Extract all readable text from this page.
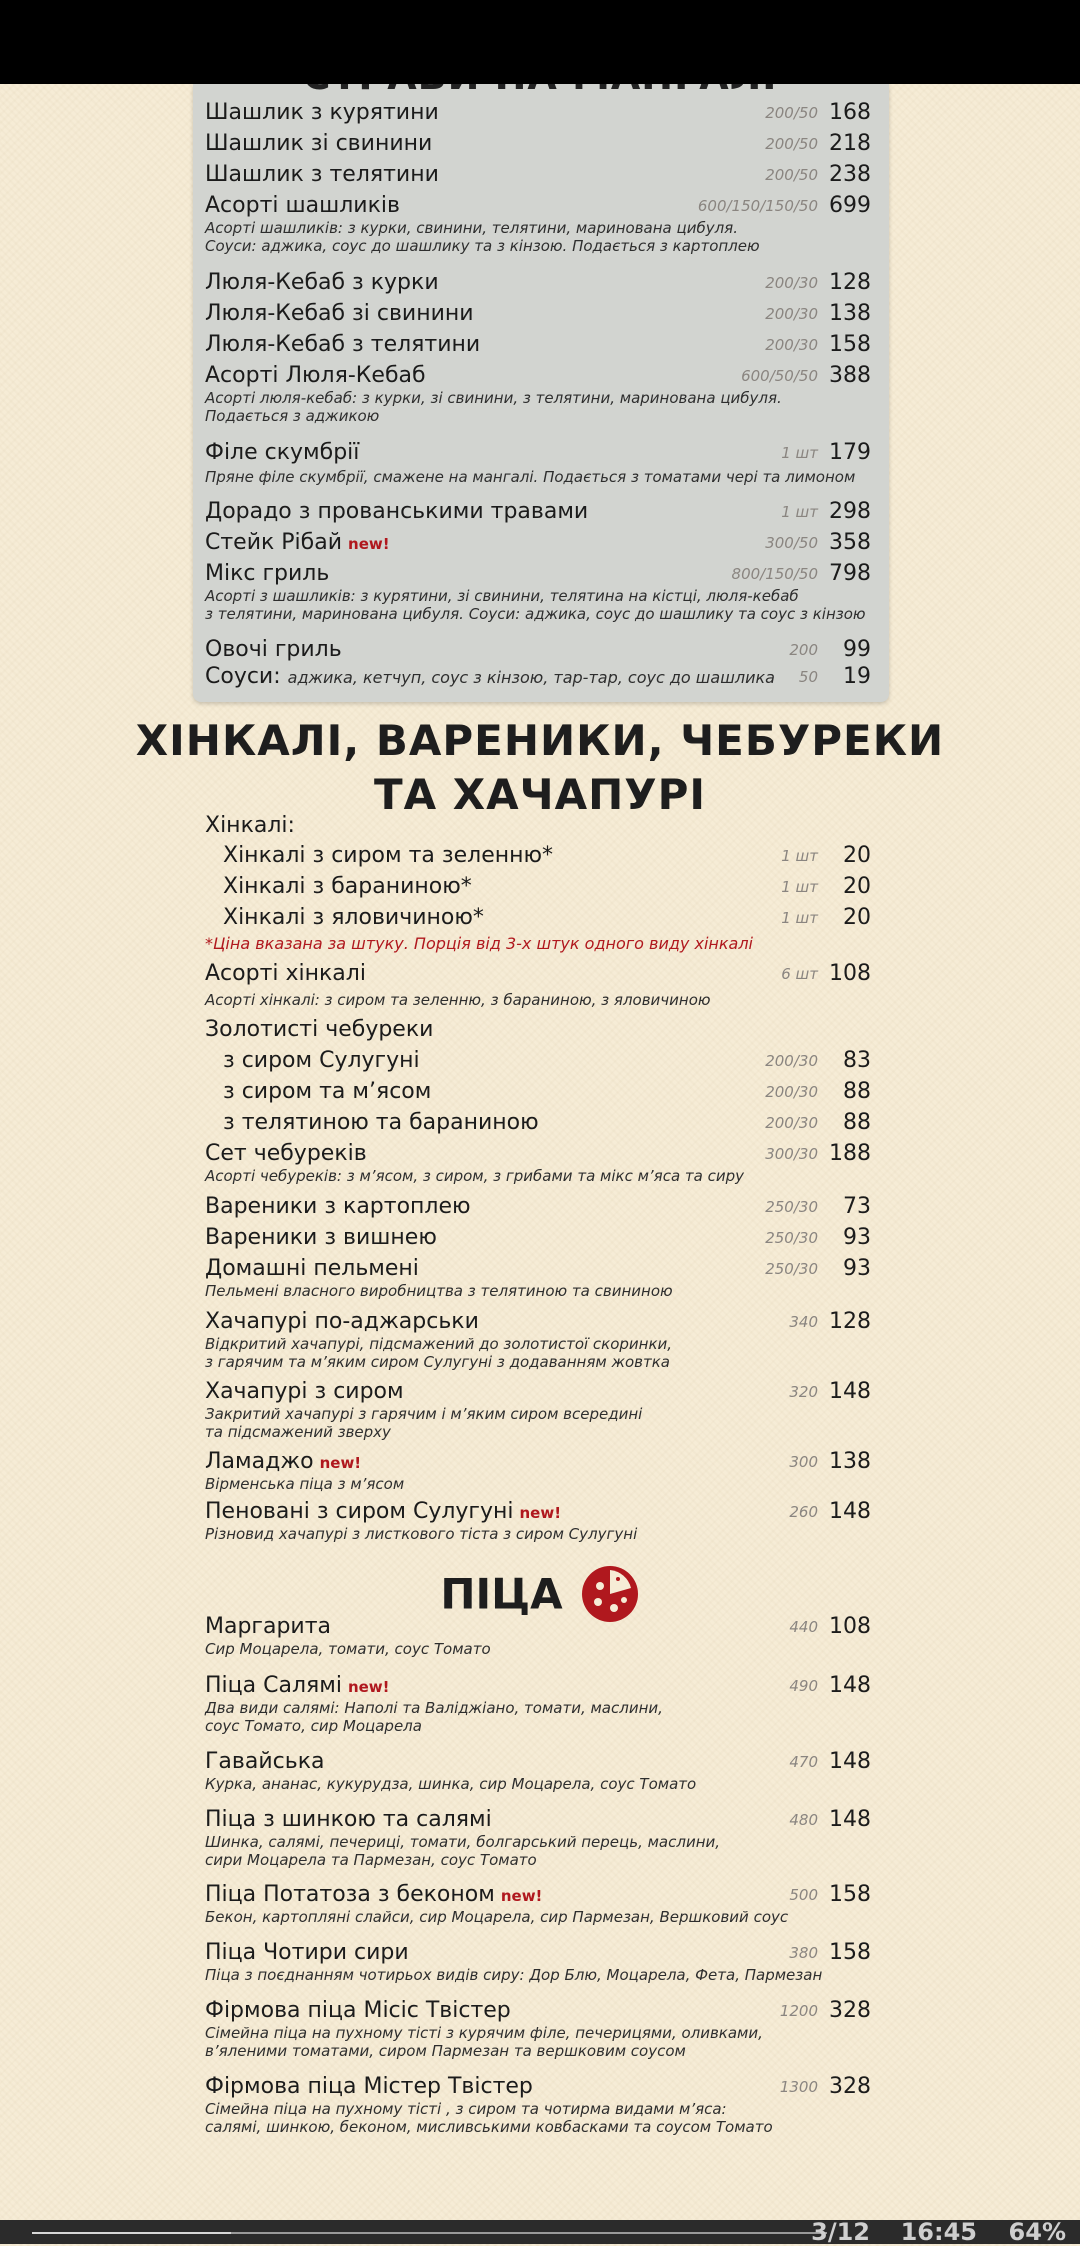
Шашлик з курятини	200/50 168
Шашлик зі свинини	200/50 218
Шашлик з телятини	200/50 238
Асорті шашликів	600/150/150/50 699
Асорті шашликів: з курки, свинини, телятини, маринована цибуля.
Соуси: аджика, соус до шашлику та з кінзою. Подається з картоплею
Люля-Кебаб з курки	200/30 128
Люля-Кебаб зі свинини	200/30 138
Люля-Кебаб з телятини	200/30 158
Асорті Люля-Кебаб	600/50/50 388
Асорті люля-кебаб: з курки, зі свинини, з телятини, маринована цибуля.
Подається з аджикою
Філе скумбрії	1 шт 179
Пряне філе скумбрії, смажене на мангалі. Подається з томатами чері та лимоном
Дорадо з прованськими травами	1 шт 298
Стейк Рібай new!	300/50 358
Мікс гриль	800/150/50 798
Асорті з шашликів: з курятини, зі свинини, телятина на кістці, люля-кебаб
з телятини, маринована цибуля. Соуси: аджика, соус до шашлику та соус з кінзою
Овочі гриль	200 99
Соуси: аджика, кетчуп, соус з кінзою, тар-тар, соус до шашлика 50 19
ХІНКАЛІ, ВАРЕНИКИ, ЧЕБУРЕКИ
ТА ХАЧАПУРІ
Хінкалі:
Хінкалі з сиром та зеленню*	1 шт 20
Хінкалі з бараниною*	1 шт 20
Хінкалі з яловичиною*	1 шт 20
*Ціна вказана за штуку. Порція від 3-х штук одного виду хінкалі
Асорті хінкалі	6 шт 108
Асорті хінкалі: з сиром та зеленню, з бараниною, з яловичиною
Золотисті чебуреки
з сиром Сулугуні	200/30 83
з сиром та м’ясом	200/30 88
з телятиною та бараниною	200/30 88
Сет чебуреків	300/30 188
Асорті чебуреків: з м’ясом, з сиром, з грибами та мікс м’яса та сиру
Вареники з картоплею	250/30 73
Вареники з вишнею	250/30 93
Домашні пельмені	250/30 93
Пельмені власного виробництва з телятиною та свининою
Хачапурі по-аджарськи	340 128
Відкритий хачапурі, підсмажений до золотистої скоринки,
з гарячим та м’яким сиром Сулугуні з додаванням жовтка
Хачапурі з сиром	320 148
Закритий хачапурі з гарячим і м’яким сиром всередині
та підсмажений зверху
Ламаджо new!	300 138
Вірменська піца з м’ясом
Пеновані з сиром Сулугуні new!	260 148
Різновид хачапурі з листкового тіста з сиром Сулугуні
ПІЦА
Маргарита	440 108
Сир Моцарела, томати, соус Томато
Піца Салямі new!	490 148
Два види салямі: Наполі та Валіджіано, томати, маслини,
соус Томато, сир Моцарела
Гавайська	470 148
Курка, ананас, кукурудза, шинка, сир Моцарела, соус Томато
Піца з шинкою та салямі	480 148
Шинка, салямі, печериці, томати, болгарський перець, маслини,
сири Моцарела та Пармезан, соус Томато
Піца Потатоза з беконом new!	500 158
Бекон, картопляні слайси, сир Моцарела, сир Пармезан, Вершковий соус
Піца Чотири сири	380 158
Піца з поєднанням чотирьох видів сиру: Дор Блю, Моцарела, Фета, Пармезан
Фірмова піца Місіс Твістер	1200 328
Сімейна піца на пухному тісті з курячим філе, печерицями, оливками,
в’яленими томатами, сиром Пармезан та вершковим соусом
Фірмова піца Містер Твістер	1300 328
Сімейна піца на пухному тісті , з сиром та чотирма видами м’яса:
салямі, шинкою, беконом, мисливськими ковбасками та соусом Томато
3/12 16:45 64%
